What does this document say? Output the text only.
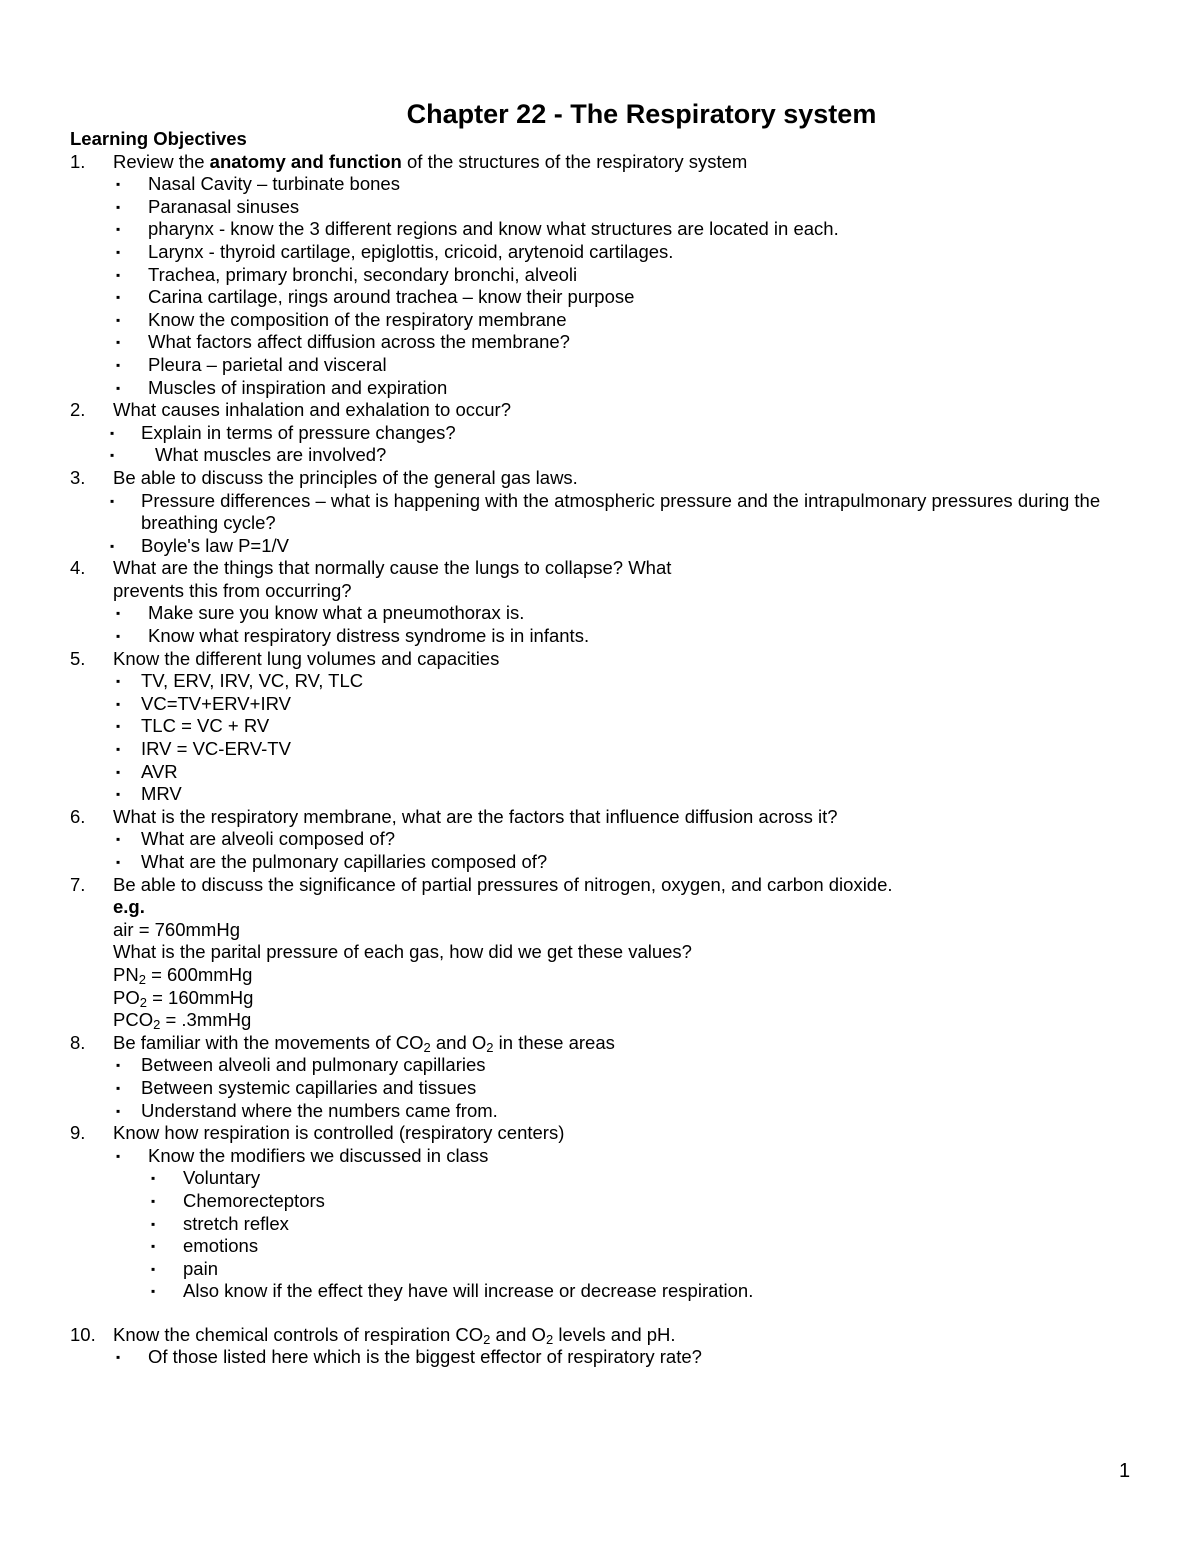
Chapter 22 - The Respiratory system
Learning Objectives
1. Review the anatomy and function of the structures of the respiratory system
▪ Nasal Cavity – turbinate bones
▪ Paranasal sinuses
▪ pharynx - know the 3 different regions and know what structures are located in each.
▪ Larynx - thyroid cartilage, epiglottis, cricoid, arytenoid cartilages.
▪ Trachea, primary bronchi, secondary bronchi, alveoli
▪ Carina cartilage, rings around trachea – know their purpose
▪ Know the composition of the respiratory membrane
▪ What factors affect diffusion across the membrane?
▪ Pleura – parietal and visceral
▪ Muscles of inspiration and expiration
2. What causes inhalation and exhalation to occur?
▪ Explain in terms of pressure changes?
▪ What muscles are involved?
3. Be able to discuss the principles of the general gas laws.
▪ Pressure differences – what is happening with the atmospheric pressure and the intrapulmonary pressures during the breathing cycle?
▪ Boyle's law P=1/V
4. What are the things that normally cause the lungs to collapse? What
prevents this from occurring?
▪ Make sure you know what a pneumothorax is.
▪ Know what respiratory distress syndrome is in infants.
5. Know the different lung volumes and capacities
▪ TV, ERV, IRV, VC, RV, TLC
▪ VC=TV+ERV+IRV
▪ TLC = VC + RV
▪ IRV = VC-ERV-TV
▪ AVR
▪ MRV
6. What is the respiratory membrane, what are the factors that influence diffusion across it?
▪ What are alveoli composed of?
▪ What are the pulmonary capillaries composed of?
7. Be able to discuss the significance of partial pressures of nitrogen, oxygen, and carbon dioxide.
e.g.
air = 760mmHg
What is the parital pressure of each gas, how did we get these values?
$PN_2$ = 600mmHg
$PO_2$ = 160mmHg
$PCO_2$ = .3mmHg
8. Be familiar with the movements of $CO_2$ and $O_2$ in these areas
▪ Between alveoli and pulmonary capillaries
▪ Between systemic capillaries and tissues
▪ Understand where the numbers came from.
9. Know how respiration is controlled (respiratory centers)
▪ Know the modifiers we discussed in class
▪ Voluntary
▪ Chemorecteptors
▪ stretch reflex
▪ emotions
▪ pain
▪ Also know if the effect they have will increase or decrease respiration.
10. Know the chemical controls of respiration $CO_2$ and $O_2$ levels and pH.
▪ Of those listed here which is the biggest effector of respiratory rate?
1
